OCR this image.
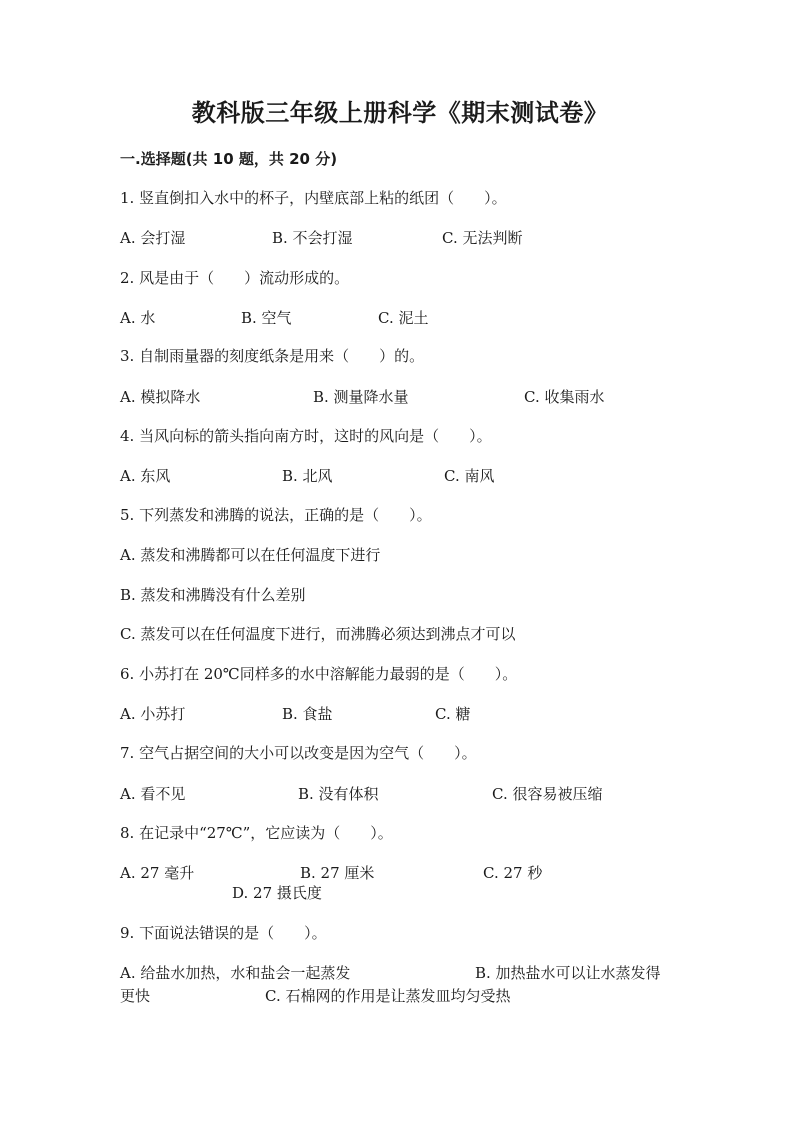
教科版三年级上册科学《期末测试卷》
一.选择题(共 10 题，共 20 分)
1. 竖直倒扣入水中的杯子，内壁底部上粘的纸团（　　）。
A. 会打湿	B. 不会打湿	C. 无法判断
2. 风是由于（　　）流动形成的。
A. 水	B. 空气	C. 泥土
3. 自制雨量器的刻度纸条是用来（　　）的。
A. 模拟降水	B. 测量降水量	C. 收集雨水
4. 当风向标的箭头指向南方时，这时的风向是（　　）。
A. 东风	B. 北风	C. 南风
5. 下列蒸发和沸腾的说法，正确的是（　　）。
A. 蒸发和沸腾都可以在任何温度下进行
B. 蒸发和沸腾没有什么差别
C. 蒸发可以在任何温度下进行，而沸腾必须达到沸点才可以
6. 小苏打在 20℃同样多的水中溶解能力最弱的是（　　）。
A. 小苏打	B. 食盐	C. 糖
7. 空气占据空间的大小可以改变是因为空气（　　）。
A. 看不见	B. 没有体积	C. 很容易被压缩
8. 在记录中“27℃”，它应读为（　　）。
A. 27 毫升	B. 27 厘米	C. 27 秒
D. 27 摄氏度
9. 下面说法错误的是（　　）。
A. 给盐水加热，水和盐会一起蒸发	B. 加热盐水可以让水蒸发得
更快	C. 石棉网的作用是让蒸发皿均匀受热
